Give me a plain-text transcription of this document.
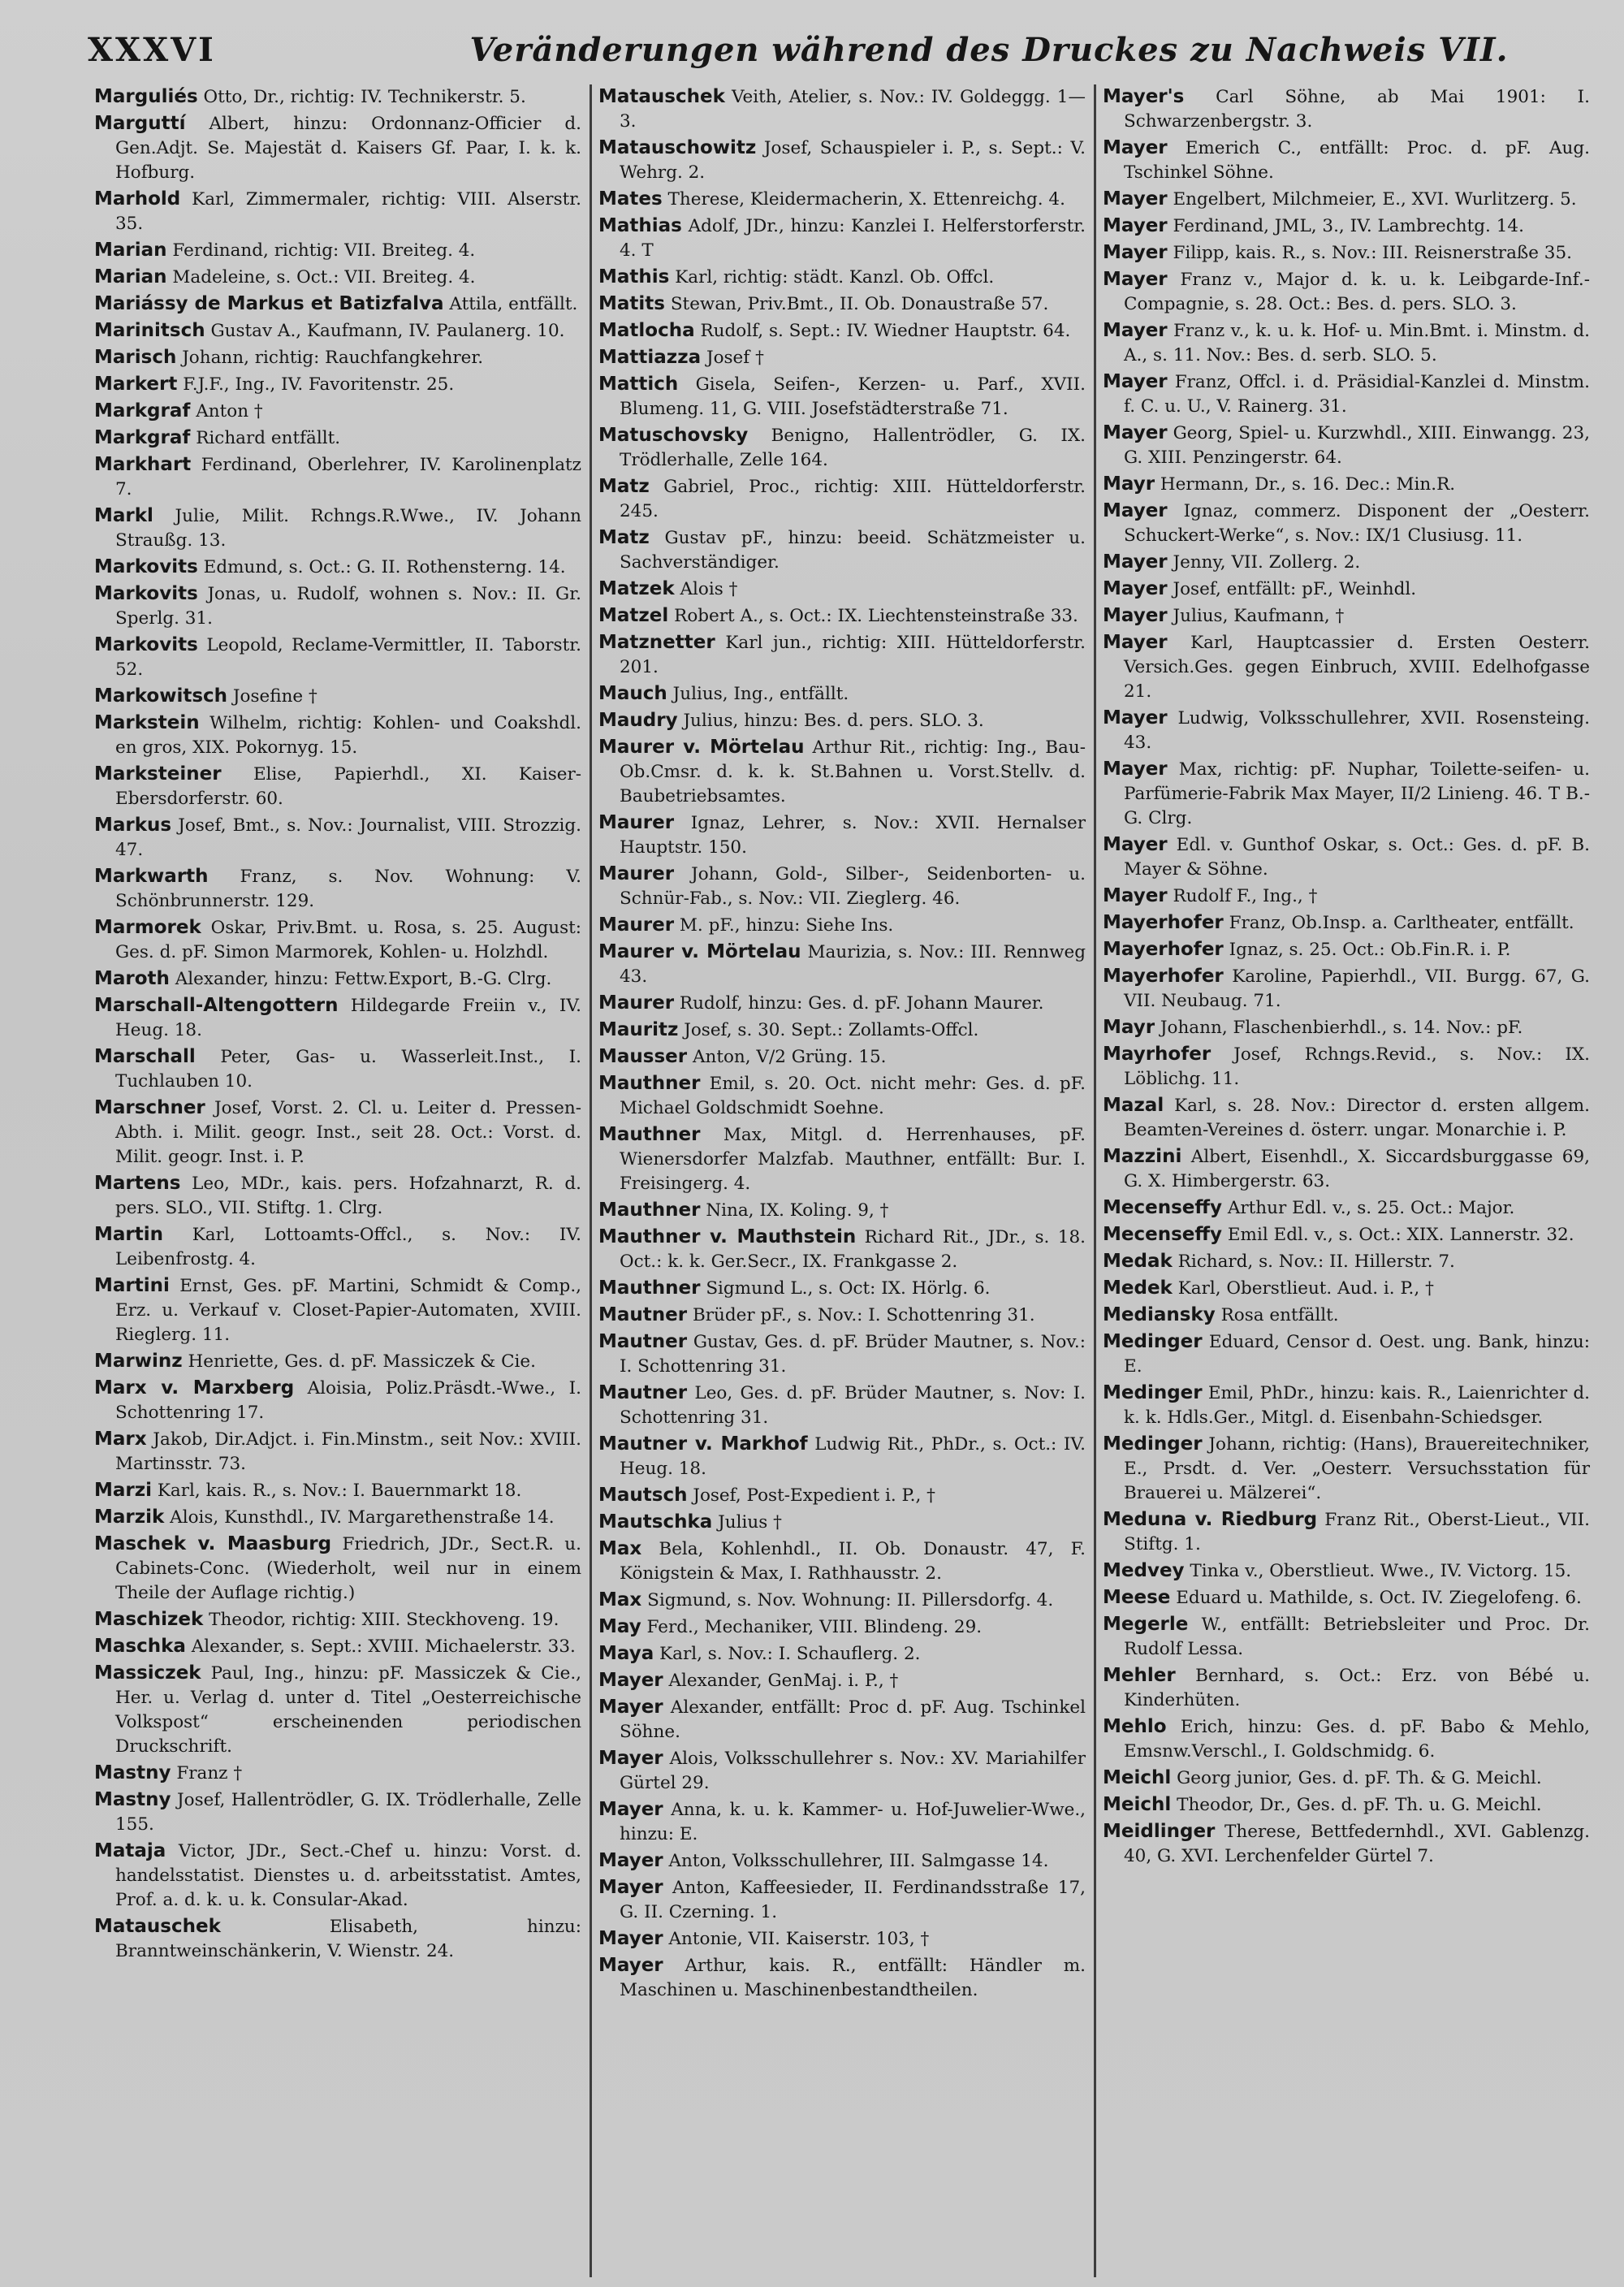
XXXVI	Veränderungen während des Druckes zu Nachweis VII.

Marguliés Otto, Dr., richtig: IV. Technikerstr. 5.

Marguttí Albert, hinzu: Ordonnanz-Officier d. Gen.Adjt. Se. Majestät d. Kaisers Gf. Paar, I. k. k. Hofburg.

Marhold Karl, Zimmermaler, richtig: VIII. Alserstr. 35.

Marian Ferdinand, richtig: VII. Breiteg. 4.

Marian Madeleine, s. Oct.: VII. Breiteg. 4.

Mariássy de Markus et Batizfalva Attila, entfällt.

Marinitsch Gustav A., Kaufmann, IV. Paulanerg. 10.

Marisch Johann, richtig: Rauchfangkehrer.

Markert F.J.F., Ing., IV. Favoritenstr. 25.

Markgraf Anton †

Markgraf Richard entfällt.

Markhart Ferdinand, Oberlehrer, IV. Karolinenplatz 7.

Markl Julie, Milit. Rchngs.R.Wwe., IV. Johann Straußg. 13.

Markovits Edmund, s. Oct.: G. II. Rothensterng. 14.

Markovits Jonas, u. Rudolf, wohnen s. Nov.: II. Gr. Sperlg. 31.

Markovits Leopold, Reclame-Vermittler, II. Taborstr. 52.

Markowitsch Josefine †

Markstein Wilhelm, richtig: Kohlen- und Coakshdl. en gros, XIX. Pokornyg. 15.

Marksteiner Elise, Papierhdl., XI. Kaiser-Ebersdorferstr. 60.

Markus Josef, Bmt., s. Nov.: Journalist, VIII. Strozzig. 47.

Markwarth Franz, s. Nov. Wohnung: V. Schönbrunnerstr. 129.

Marmorek Oskar, Priv.Bmt. u. Rosa, s. 25. August: Ges. d. pF. Simon Marmorek, Kohlen- u. Holzhdl.

Maroth Alexander, hinzu: Fettw.Export, B.-G. Clrg.

Marschall-Altengottern Hildegarde Freiin v., IV. Heug. 18.

Marschall Peter, Gas- u. Wasserleit.Inst., I. Tuchlauben 10.

Marschner Josef, Vorst. 2. Cl. u. Leiter d. Pressen-Abth. i. Milit. geogr. Inst., seit 28. Oct.: Vorst. d. Milit. geogr. Inst. i. P.

Martens Leo, MDr., kais. pers. Hofzahnarzt, R. d. pers. SLO., VII. Stiftg. 1. Clrg.

Martin Karl, Lottoamts-Offcl., s. Nov.: IV. Leibenfrostg. 4.

Martini Ernst, Ges. pF. Martini, Schmidt & Comp., Erz. u. Verkauf v. Closet-Papier-Automaten, XVIII. Rieglerg. 11.

Marwinz Henriette, Ges. d. pF. Massiczek & Cie.

Marx v. Marxberg Aloisia, Poliz.Präsdt.-Wwe., I. Schottenring 17.

Marx Jakob, Dir.Adjct. i. Fin.Minstm., seit Nov.: XVIII. Martinsstr. 73.

Marzi Karl, kais. R., s. Nov.: I. Bauernmarkt 18.

Marzik Alois, Kunsthdl., IV. Margarethenstraße 14.

Maschek v. Maasburg Friedrich, JDr., Sect.R. u. Cabinets-Conc. (Wiederholt, weil nur in einem Theile der Auflage richtig.)

Maschizek Theodor, richtig: XIII. Steckhoveng. 19.

Maschka Alexander, s. Sept.: XVIII. Michaelerstr. 33.

Massiczek Paul, Ing., hinzu: pF. Massiczek & Cie., Her. u. Verlag d. unter d. Titel „Oesterreichische Volkspost“ erscheinenden periodischen Druckschrift.

Mastny Franz †

Mastny Josef, Hallentrödler, G. IX. Trödlerhalle, Zelle 155.

Mataja Victor, JDr., Sect.-Chef u. hinzu: Vorst. d. handelsstatist. Dienstes u. d. arbeitsstatist. Amtes, Prof. a. d. k. u. k. Consular-Akad.

Matauschek	Elisabeth, hinzu: Branntweinschänkerin, V. Wienstr. 24.

Matauschek Veith, Atelier, s. Nov.: IV. Goldeggg. 1—3.

Matauschowitz Josef, Schauspieler i. P., s. Sept.: V. Wehrg. 2.

Mates Therese, Kleidermacherin, X. Ettenreichg. 4.

Mathias Adolf, JDr., hinzu: Kanzlei I. Helferstorferstr. 4. T

Mathis Karl, richtig: städt. Kanzl. Ob. Offcl.

Matits Stewan, Priv.Bmt., II. Ob. Donaustraße 57.

Matlocha Rudolf, s. Sept.: IV. Wiedner Hauptstr. 64.

Mattiazza Josef †

Mattich Gisela, Seifen-, Kerzen- u. Parf., XVII. Blumeng. 11, G. VIII. Josefstädterstraße 71.

Matuschovsky Benigno, Hallentrödler, G. IX. Trödlerhalle, Zelle 164.

Matz Gabriel, Proc., richtig: XIII. Hütteldorferstr. 245.

Matz Gustav pF., hinzu: beeid. Schätzmeister u. Sachverständiger.

Matzek Alois †

Matzel Robert A., s. Oct.: IX. Liechtensteinstraße 33.

Matznetter Karl jun., richtig: XIII. Hütteldorferstr. 201.

Mauch Julius, Ing., entfällt.

Maudry Julius, hinzu: Bes. d. pers. SLO. 3.

Maurer v. Mörtelau Arthur Rit., richtig: Ing., Bau-Ob.Cmsr. d. k. k. St.Bahnen u. Vorst.Stellv. d. Baubetriebsamtes.

Maurer Ignaz, Lehrer, s. Nov.: XVII. Hernalser Hauptstr. 150.

Maurer Johann, Gold-, Silber-, Seidenborten- u. Schnür-Fab., s. Nov.: VII. Zieglerg. 46.

Maurer M. pF., hinzu: Siehe Ins.

Maurer v. Mörtelau Maurizia, s. Nov.: III. Rennweg 43.

Maurer Rudolf, hinzu: Ges. d. pF. Johann Maurer.

Mauritz Josef, s. 30. Sept.: Zollamts-Offcl.

Mausser Anton, V/2 Grüng. 15.

Mauthner Emil, s. 20. Oct. nicht mehr: Ges. d. pF. Michael Goldschmidt Soehne.

Mauthner Max, Mitgl. d. Herrenhauses, pF. Wienersdorfer Malzfab. Mauthner, entfällt: Bur. I. Freisingerg. 4.

Mauthner Nina, IX. Koling. 9, †

Mauthner v. Mauthstein Richard Rit., JDr., s. 18. Oct.: k. k. Ger.Secr., IX. Frankgasse 2.

Mauthner Sigmund L., s. Oct: IX. Hörlg. 6.

Mautner Brüder pF., s. Nov.: I. Schottenring 31.

Mautner Gustav, Ges. d. pF. Brüder Mautner, s. Nov.: I. Schottenring 31.

Mautner Leo, Ges. d. pF. Brüder Mautner, s. Nov: I. Schottenring 31.

Mautner v. Markhof Ludwig Rit., PhDr., s. Oct.: IV. Heug. 18.

Mautsch Josef, Post-Expedient i. P., †

Mautschka Julius †

Max Bela, Kohlenhdl., II. Ob. Donaustr. 47, F. Königstein & Max, I. Rathhausstr. 2.

Max Sigmund, s. Nov. Wohnung: II. Pillersdorfg. 4.

May Ferd., Mechaniker, VIII. Blindeng. 29.

Maya Karl, s. Nov.: I. Schauflerg. 2.

Mayer Alexander, GenMaj. i. P., †

Mayer Alexander, entfällt: Proc d. pF. Aug. Tschinkel Söhne.

Mayer Alois, Volksschullehrer s. Nov.: XV. Mariahilfer Gürtel 29.

Mayer Anna, k. u. k. Kammer- u. Hof-Juwelier-Wwe., hinzu: E.

Mayer Anton, Volksschullehrer, III. Salmgasse 14.

Mayer Anton, Kaffeesieder, II. Ferdinandsstraße 17, G. II. Czerning. 1.

Mayer Antonie, VII. Kaiserstr. 103, †

Mayer Arthur, kais. R., entfällt: Händler m. Maschinen u. Maschinenbestandtheilen.

Mayer's Carl Söhne, ab Mai 1901: I. Schwarzenbergstr. 3.

Mayer Emerich C., entfällt: Proc. d. pF. Aug. Tschinkel Söhne.

Mayer Engelbert, Milchmeier, E., XVI. Wurlitzerg. 5.

Mayer Ferdinand, JML, 3., IV. Lambrechtg. 14.

Mayer Filipp, kais. R., s. Nov.: III. Reisnerstraße 35.

Mayer Franz v., Major d. k. u. k. Leibgarde-Inf.-Compagnie, s. 28. Oct.: Bes. d. pers. SLO. 3.

Mayer Franz v., k. u. k. Hof- u. Min.Bmt. i. Minstm. d. A., s. 11. Nov.: Bes. d. serb. SLO. 5.

Mayer Franz, Offcl. i. d. Präsidial-Kanzlei d. Minstm. f. C. u. U., V. Rainerg. 31.

Mayer Georg, Spiel- u. Kurzwhdl., XIII. Einwangg. 23, G. XIII. Penzingerstr. 64.

Mayr Hermann, Dr., s. 16. Dec.: Min.R.

Mayer Ignaz, commerz. Disponent der „Oesterr. Schuckert-Werke“, s. Nov.: IX/1 Clusiusg. 11.

Mayer Jenny, VII. Zollerg. 2.

Mayer Josef, entfällt: pF., Weinhdl.

Mayer Julius, Kaufmann, †

Mayer Karl, Hauptcassier d. Ersten Oesterr. Versich.Ges. gegen Einbruch, XVIII. Edelhofgasse 21.

Mayer Ludwig, Volksschullehrer, XVII. Rosensteing. 43.

Mayer Max, richtig: pF. Nuphar, Toilette-seifen- u. Parfümerie-Fabrik Max Mayer, II/2 Linieng. 46. T B.-G. Clrg.

Mayer Edl. v. Gunthof Oskar, s. Oct.: Ges. d. pF. B. Mayer & Söhne.

Mayer Rudolf F., Ing., †

Mayerhofer Franz, Ob.Insp. a. Carltheater, entfällt.

Mayerhofer Ignaz, s. 25. Oct.: Ob.Fin.R. i. P.

Mayerhofer Karoline, Papierhdl., VII. Burgg. 67, G. VII. Neubaug. 71.

Mayr Johann, Flaschenbierhdl., s. 14. Nov.: pF.

Mayrhofer Josef, Rchngs.Revid., s. Nov.: IX. Löblichg. 11.

Mazal Karl, s. 28. Nov.: Director d. ersten allgem. Beamten-Vereines d. österr. ungar. Monarchie i. P.

Mazzini Albert, Eisenhdl., X. Siccardsburggasse 69, G. X. Himbergerstr. 63.

Mecenseffy Arthur Edl. v., s. 25. Oct.: Major.

Mecenseffy Emil Edl. v., s. Oct.: XIX. Lannerstr. 32.

Medak Richard, s. Nov.: II. Hillerstr. 7.

Medek Karl, Oberstlieut. Aud. i. P., †

Mediansky Rosa entfällt.

Medinger Eduard, Censor d. Oest. ung. Bank, hinzu: E.

Medinger Emil, PhDr., hinzu: kais. R., Laienrichter d. k. k. Hdls.Ger., Mitgl. d. Eisenbahn-Schiedsger.

Medinger Johann, richtig: (Hans), Brauereitechniker, E., Prsdt. d. Ver. „Oesterr. Versuchsstation für Brauerei u. Mälzerei“.

Meduna v. Riedburg Franz Rit., Oberst-Lieut., VII. Stiftg. 1.

Medvey Tinka v., Oberstlieut. Wwe., IV. Victorg. 15.

Meese Eduard u. Mathilde, s. Oct. IV. Ziegelofeng. 6.

Megerle W., entfällt: Betriebsleiter und Proc. Dr. Rudolf Lessa.

Mehler Bernhard, s. Oct.: Erz. von Bébé u. Kinderhüten.

Mehlo Erich, hinzu: Ges. d. pF. Babo & Mehlo, Emsnw.Verschl., I. Goldschmidg. 6.

Meichl Georg junior, Ges. d. pF. Th. & G. Meichl.

Meichl Theodor, Dr., Ges. d. pF. Th. u. G. Meichl.

Meidlinger Therese, Bettfedernhdl., XVI. Gablenzg. 40, G. XVI. Lerchenfelder Gürtel 7.
